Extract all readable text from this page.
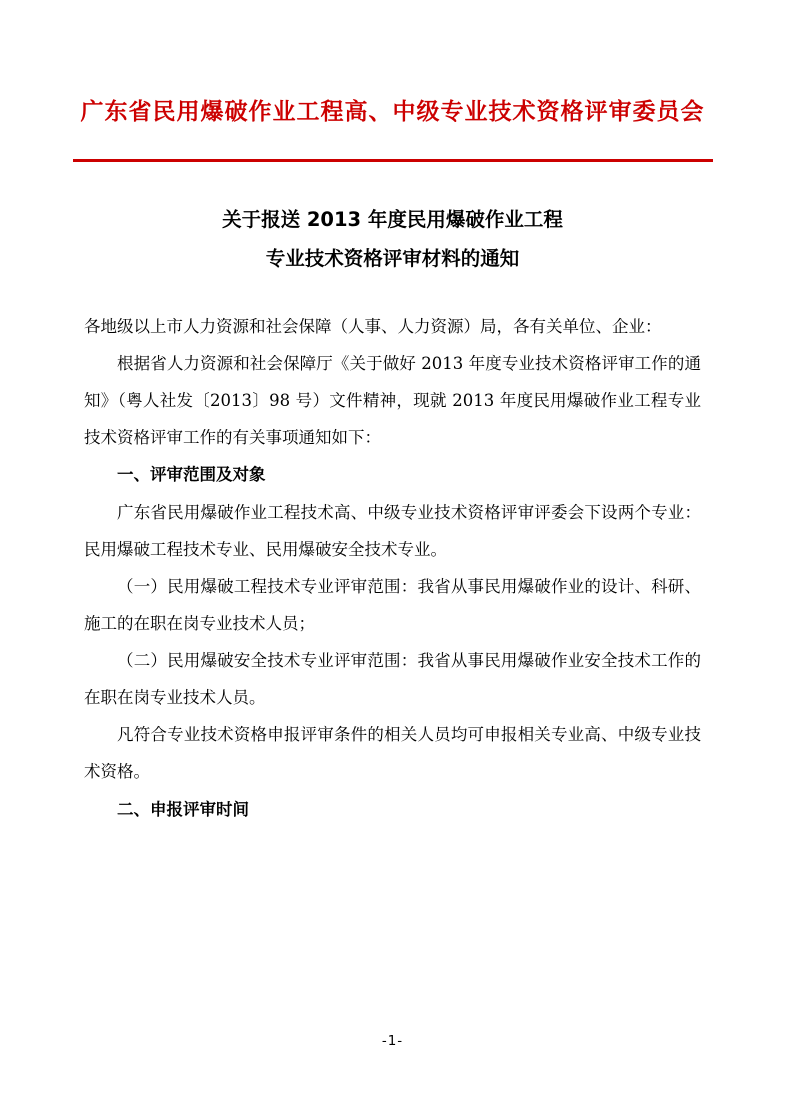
广东省民用爆破作业工程高、中级专业技术资格评审委员会
关于报送 2013 年度民用爆破作业工程
专业技术资格评审材料的通知

各地级以上市人力资源和社会保障（人事、人力资源）局，各有关单位、企业：

根据省人力资源和社会保障厅《关于做好 2013 年度专业技术资格评审工作的通知》（粤人社发〔2013〕98 号）文件精神，现就 2013 年度民用爆破作业工程专业技术资格评审工作的有关事项通知如下：

一、评审范围及对象

广东省民用爆破作业工程技术高、中级专业技术资格评审评委会下设两个专业：民用爆破工程技术专业、民用爆破安全技术专业。

（一）民用爆破工程技术专业评审范围：我省从事民用爆破作业的设计、科研、施工的在职在岗专业技术人员；

（二）民用爆破安全技术专业评审范围：我省从事民用爆破作业安全技术工作的在职在岗专业技术人员。

凡符合专业技术资格申报评审条件的相关人员均可申报相关专业高、中级专业技术资格。

二、申报评审时间

-1-
